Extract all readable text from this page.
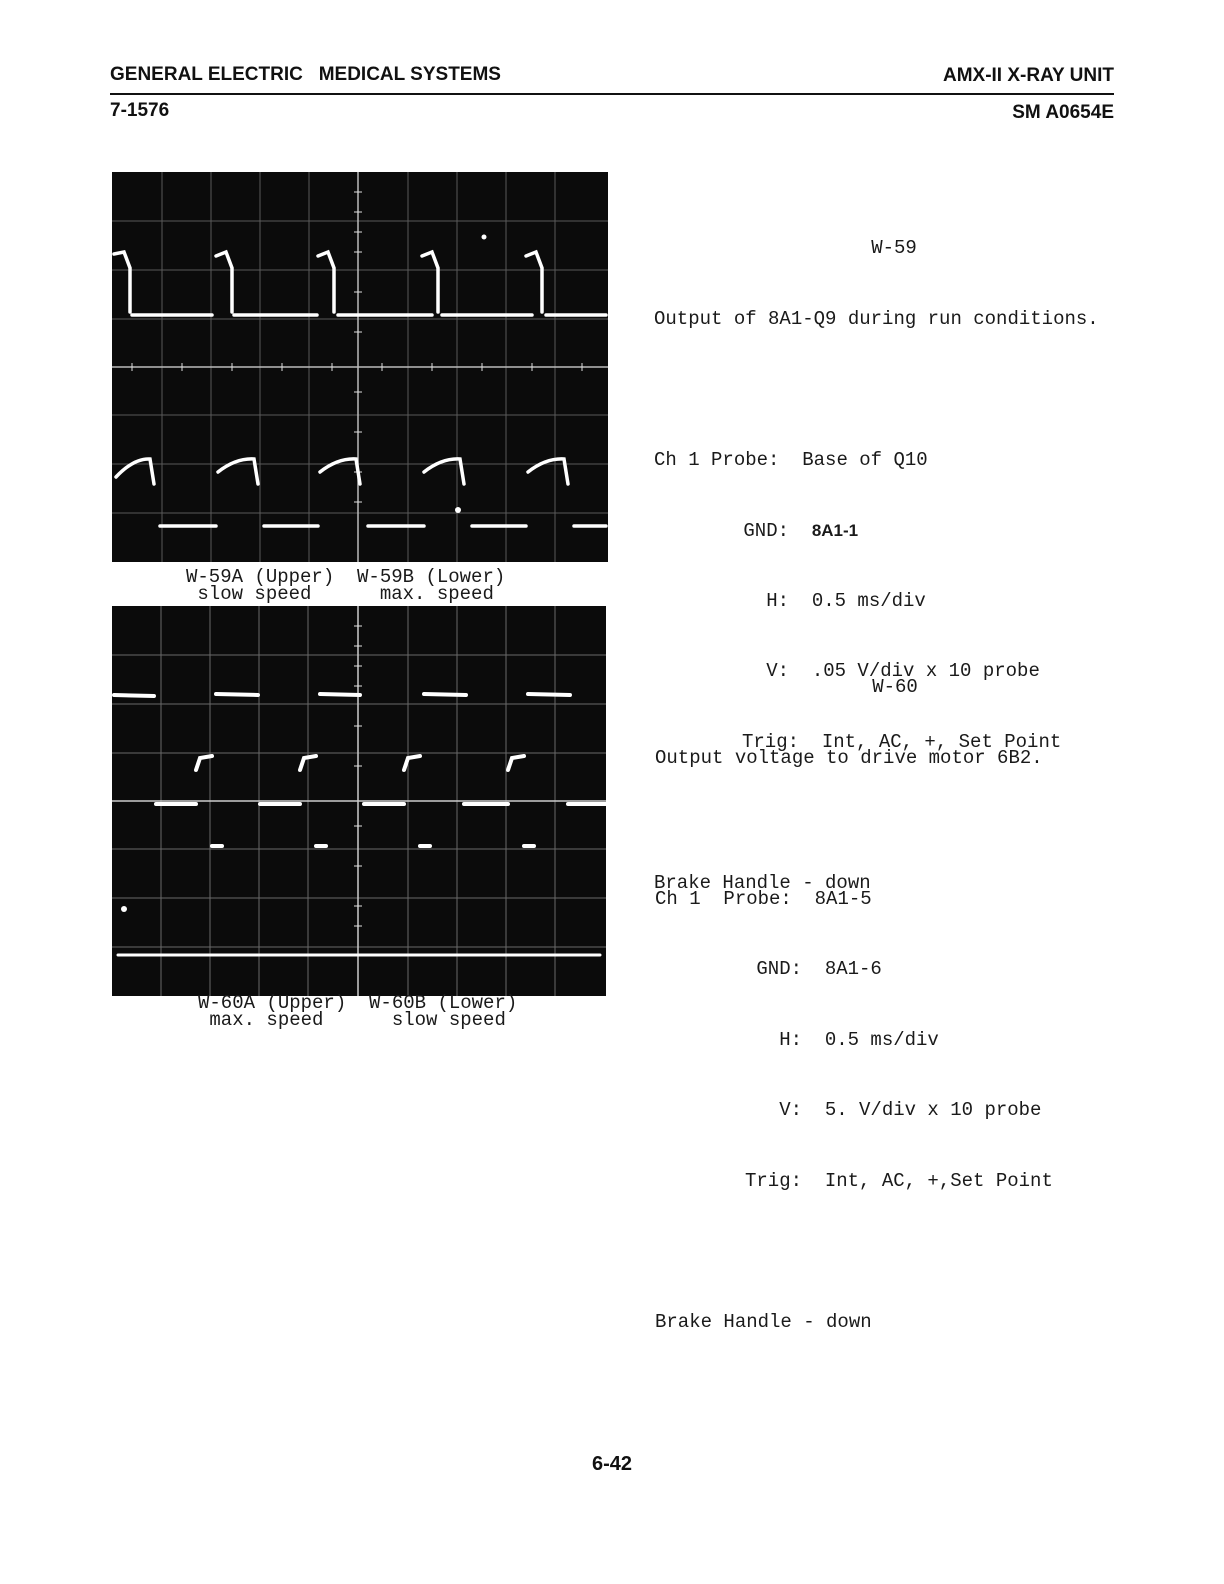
GENERAL ELECTRIC MEDICAL SYSTEMS	AMX-II X-RAY UNIT
7-1576	SM A0654E
W-59A (Upper)  W-59B (Lower)
slow speed      max. speed
W-60A (Upper)  W-60B (Lower)
max. speed      slow speed

W-59

Output of 8A1-Q9 during run conditions.

Ch 1 Probe: Base of Q10

GND: 8A1-1

H: 0.5 ms/div

V: .05 V/div x 10 probe

Trig: Int, AC, +, Set Point

Brake Handle - down

W-60

Output voltage to drive motor 6B2.

Ch 1 Probe: 8A1-5

GND: 8A1-6

H: 0.5 ms/div

V: 5. V/div x 10 probe

Trig: Int, AC, +,Set Point

Brake Handle - down

6-42
